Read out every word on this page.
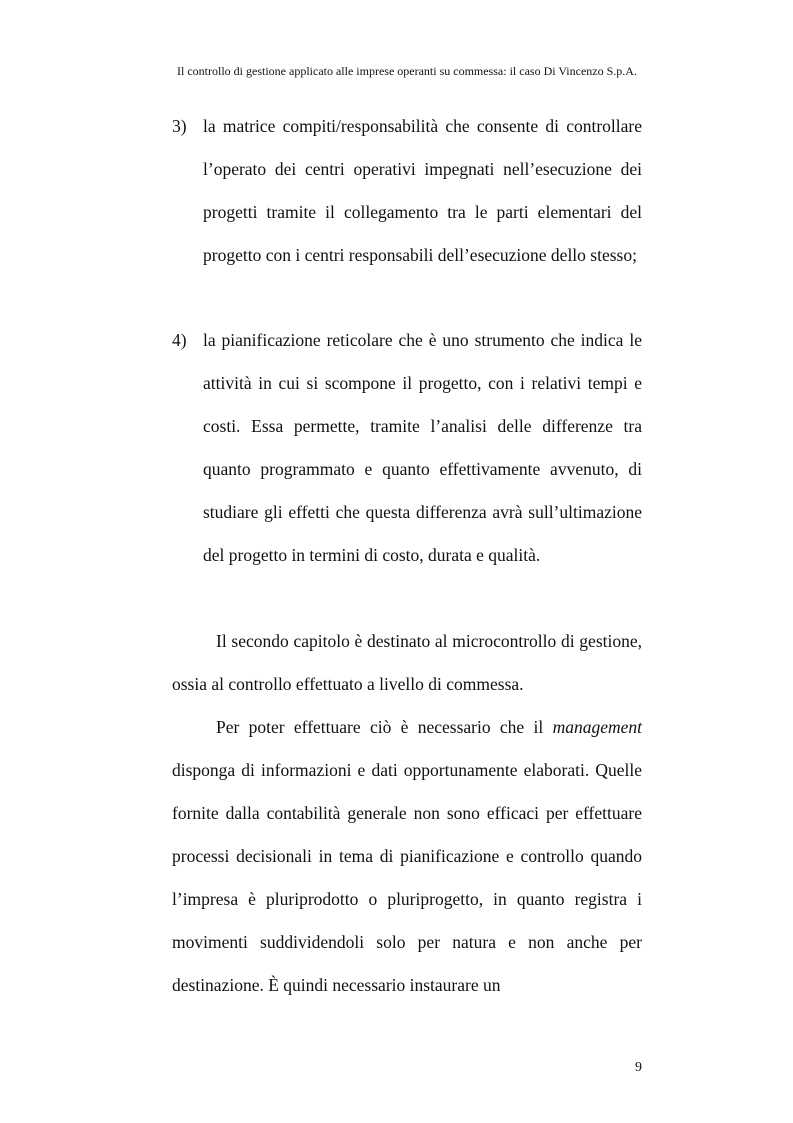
Il controllo di gestione applicato alle imprese operanti su commessa: il caso Di Vincenzo S.p.A.
3) la matrice compiti/responsabilità che consente di controllare l’operato dei centri operativi impegnati nell’esecuzione dei progetti tramite il collegamento tra le parti elementari del progetto con i centri responsabili dell’esecuzione dello stesso;
4) la pianificazione reticolare che è uno strumento che indica le attività in cui si scompone il progetto, con i relativi tempi e costi. Essa permette, tramite l’analisi delle differenze tra quanto programmato e quanto effettivamente avvenuto, di studiare gli effetti che questa differenza avrà sull’ultimazione del progetto in termini di costo, durata e qualità.

Il secondo capitolo è destinato al microcontrollo di gestione, ossia al controllo effettuato a livello di commessa.

Per poter effettuare ciò è necessario che il management disponga di informazioni e dati opportunamente elaborati. Quelle fornite dalla contabilità generale non sono efficaci per effettuare processi decisionali in tema di pianificazione e controllo quando l’impresa è pluriprodotto o pluriprogetto, in quanto registra i movimenti suddividendoli solo per natura e non anche per destinazione. È quindi necessario instaurare un

9
